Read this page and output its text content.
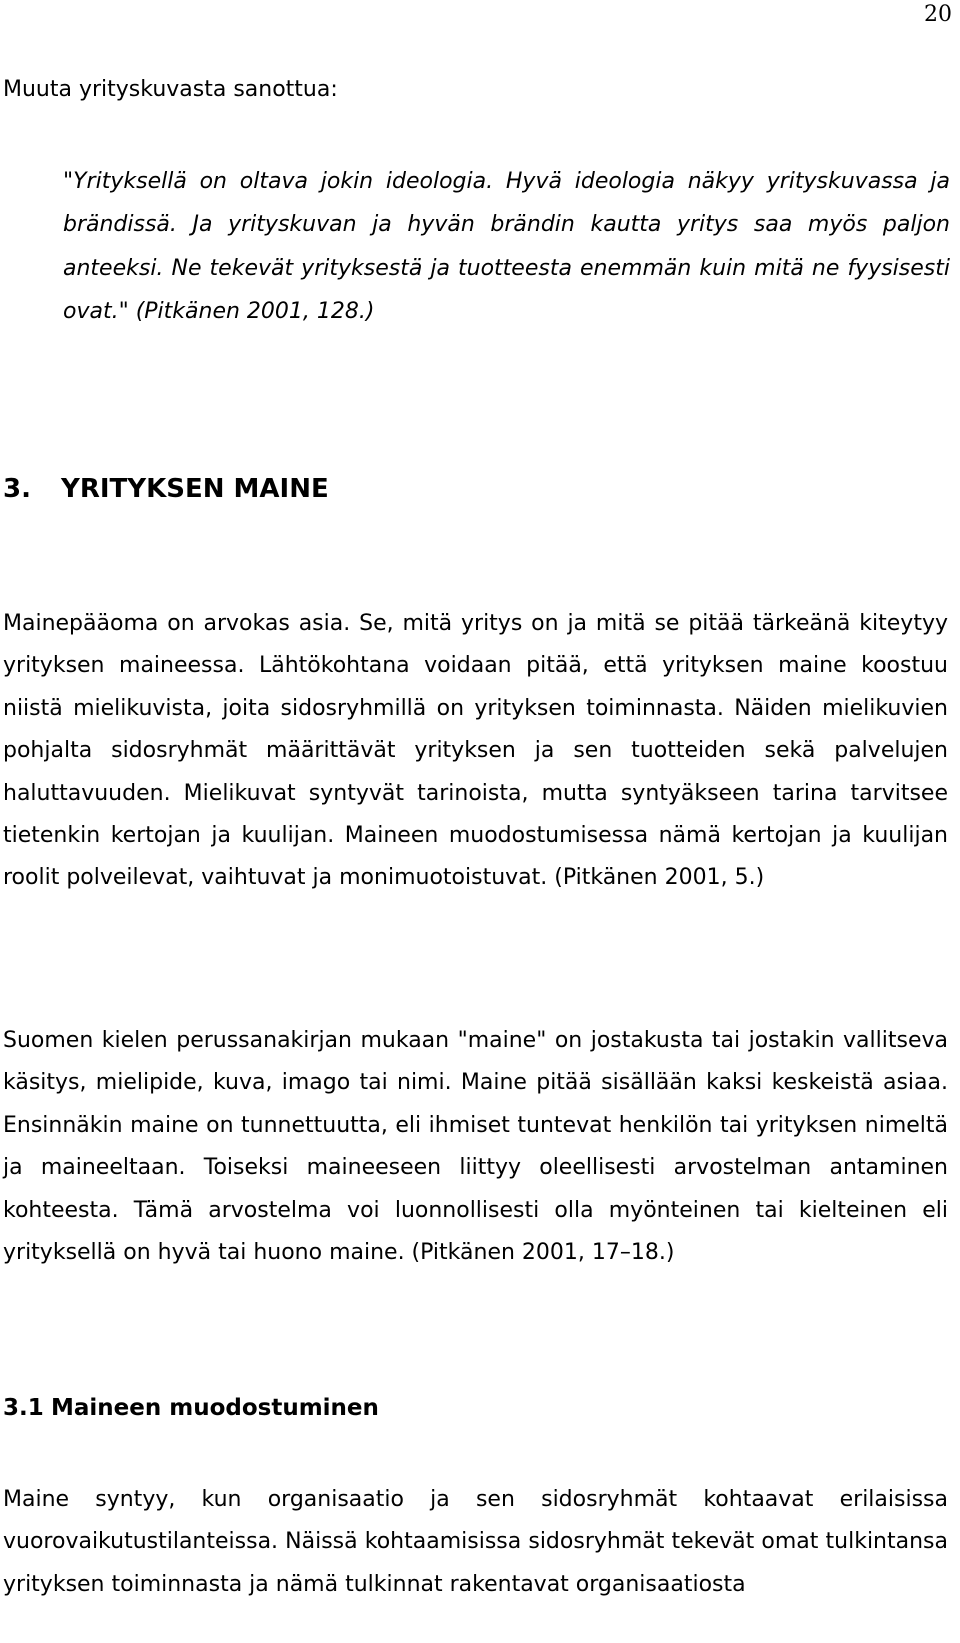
20
Muuta yrityskuvasta sanottua:
"Yrityksellä on oltava jokin ideologia. Hyvä ideologia näkyy yrityskuvassa ja brändissä. Ja yrityskuvan ja hyvän brändin kautta yritys saa myös paljon anteeksi. Ne tekevät yrityksestä ja tuotteesta enemmän kuin mitä ne fyysisesti ovat." (Pitkänen 2001, 128.)
3. YRITYKSEN MAINE
Mainepääoma on arvokas asia. Se, mitä yritys on ja mitä se pitää tärkeänä kiteytyy yrityksen maineessa. Lähtökohtana voidaan pitää, että yrityksen maine koostuu niistä mielikuvista, joita sidosryhmillä on yrityksen toiminnasta. Näiden mielikuvien pohjalta sidosryhmät määrittävät yrityksen ja sen tuotteiden sekä palvelujen haluttavuuden. Mielikuvat syntyvät tarinoista, mutta syntyäkseen tarina tarvitsee tietenkin kertojan ja kuulijan. Maineen muodostumisessa nämä kertojan ja kuulijan roolit polveilevat, vaihtuvat ja monimuotoistuvat. (Pitkänen 2001, 5.)
Suomen kielen perussanakirjan mukaan "maine" on jostakusta tai jostakin vallitseva käsitys, mielipide, kuva, imago tai nimi. Maine pitää sisällään kaksi keskeistä asiaa. Ensinnäkin maine on tunnettuutta, eli ihmiset tuntevat henkilön tai yrityksen nimeltä ja maineeltaan. Toiseksi maineeseen liittyy oleellisesti arvostelman antaminen kohteesta. Tämä arvostelma voi luonnollisesti olla myönteinen tai kielteinen eli yrityksellä on hyvä tai huono maine. (Pitkänen 2001, 17–18.)
3.1 Maineen muodostuminen
Maine syntyy, kun organisaatio ja sen sidosryhmät kohtaavat erilaisissa vuorovaikutustilanteissa. Näissä kohtaamisissa sidosryhmät tekevät omat tulkintansa yrityksen toiminnasta ja nämä tulkinnat rakentavat organisaatiosta
